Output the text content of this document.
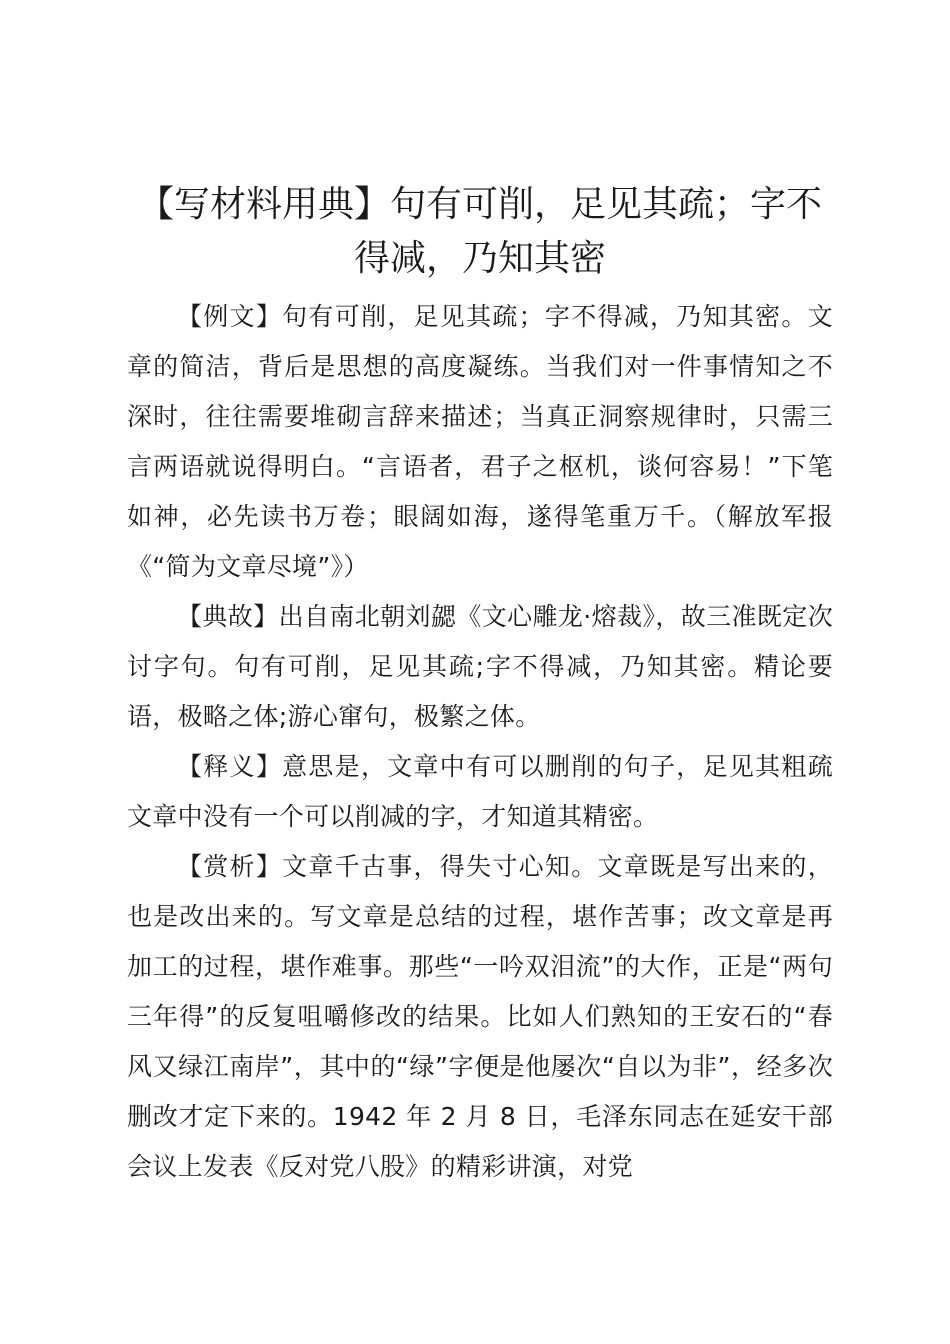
【写材料用典】句有可削，足见其疏；字不得减，乃知其密

【例文】句有可削，足见其疏；字不得减，乃知其密。文章的简洁，背后是思想的高度凝练。当我们对一件事情知之不深时，往往需要堆砌言辞来描述；当真正洞察规律时，只需三言两语就说得明白。“言语者，君子之枢机，谈何容易！”下笔如神，必先读书万卷；眼阔如海，遂得笔重万千。（解放军报《“简为文章尽境”》）

【典故】出自南北朝刘勰《文心雕龙·熔裁》，故三准既定次讨字句。句有可削，足见其疏;字不得减，乃知其密。精论要语，极略之体;游心窜句，极繁之体。

【释义】意思是，文章中有可以删削的句子，足见其粗疏文章中没有一个可以削减的字，才知道其精密。

【赏析】文章千古事，得失寸心知。文章既是写出来的，也是改出来的。写文章是总结的过程，堪作苦事；改文章是再加工的过程，堪作难事。那些“一吟双泪流”的大作，正是“两句三年得”的反复咀嚼修改的结果。比如人们熟知的王安石的“春风又绿江南岸”，其中的“绿”字便是他屡次“自以为非”，经多次删改才定下来的。1942 年 2 月 8 日，毛泽东同志在延安干部会议上发表《反对党八股》的精彩讲演，对党
